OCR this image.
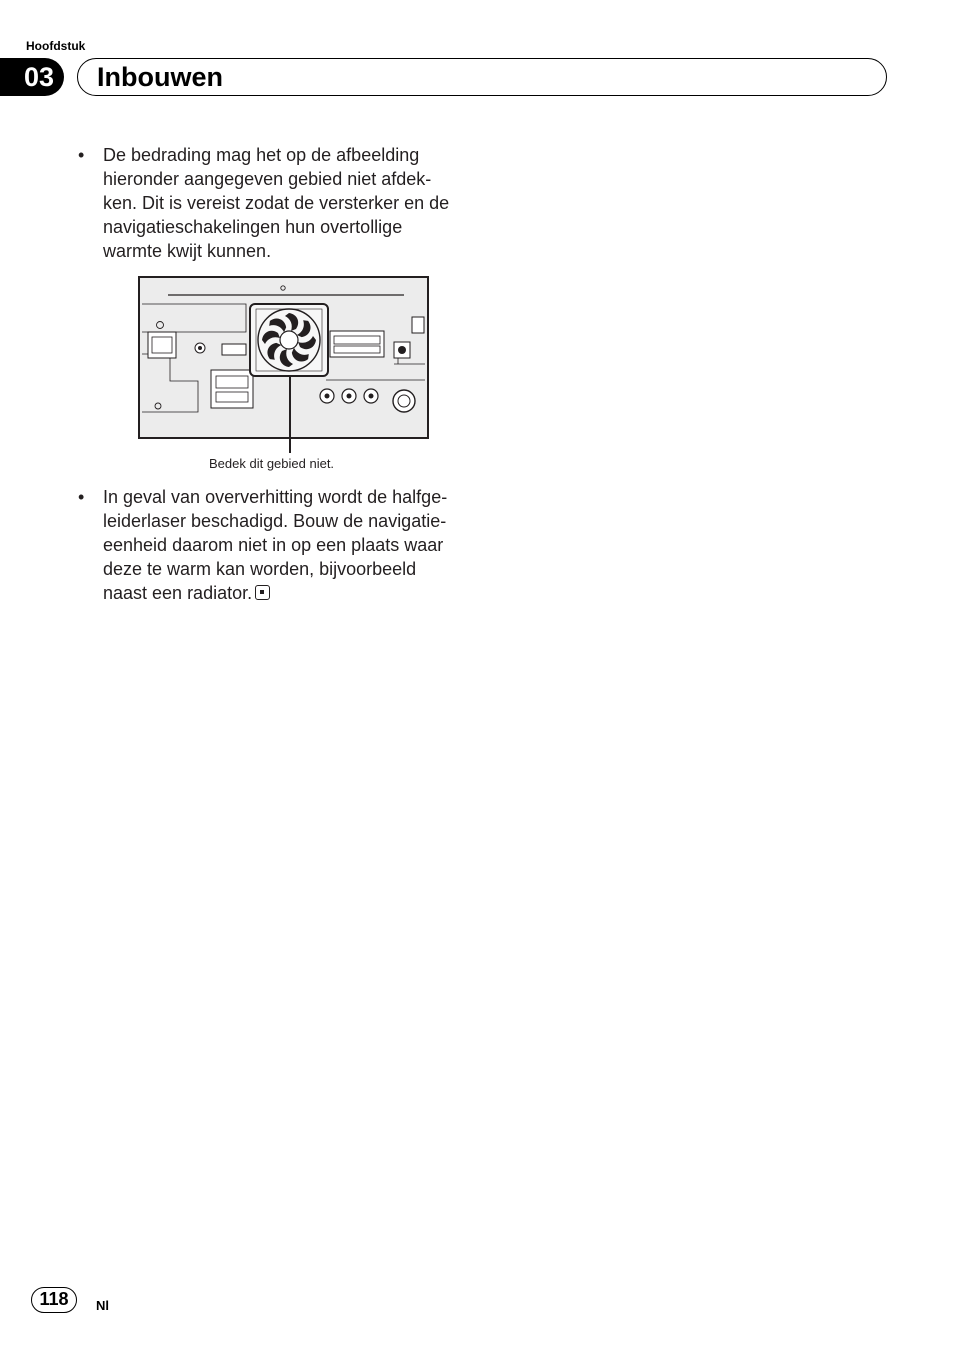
Hoofdstuk
03	Inbouwen
• De bedrading mag het op de afbeelding
hieronder aangegeven gebied niet afdek-
ken. Dit is vereist zodat de versterker en de
navigatieschakelingen hun overtollige
warmte kwijt kunnen.
Bedek dit gebied niet.
• In geval van oververhitting wordt de halfge-
leiderlaser beschadigd. Bouw de navigatie-
eenheid daarom niet in op een plaats waar
deze te warm kan worden, bijvoorbeeld
naast een radiator.
118	Nl
